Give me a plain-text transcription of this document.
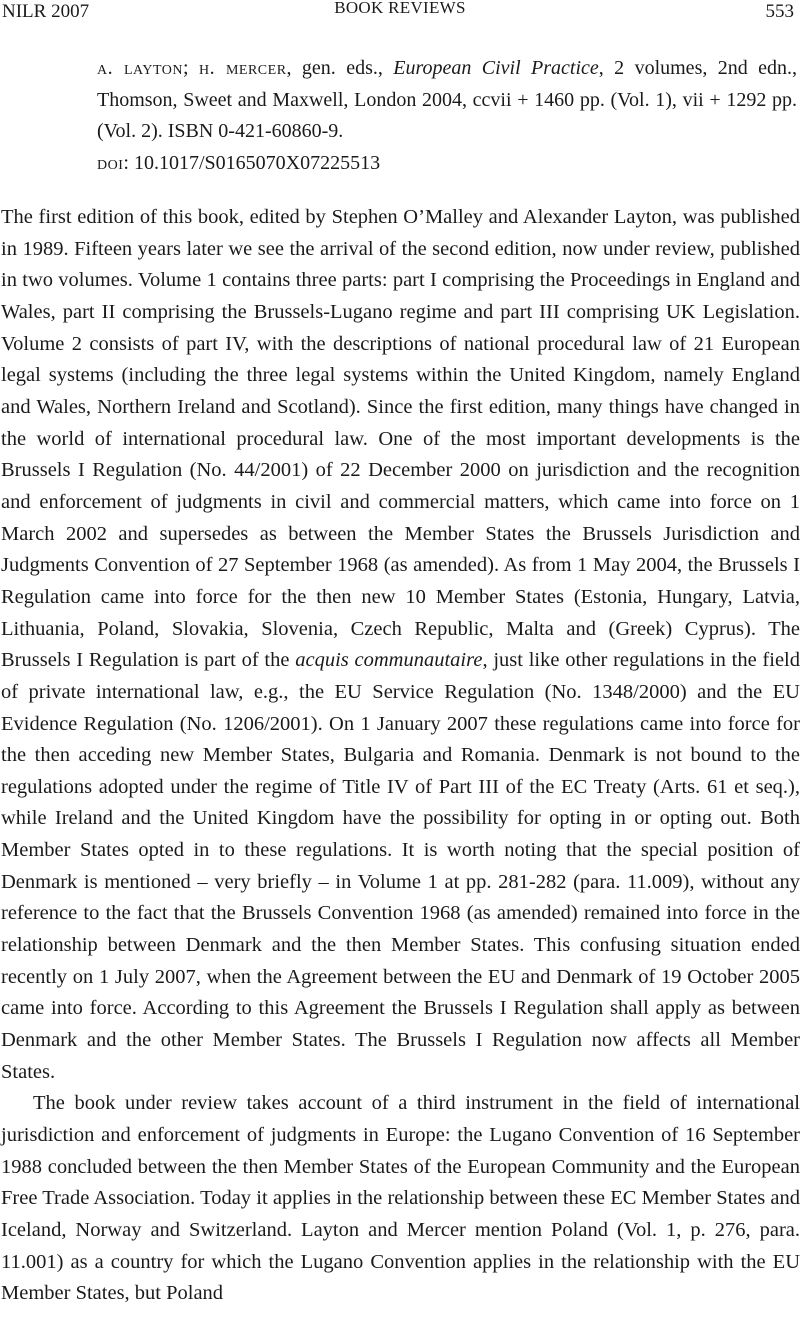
NILR 2007	BOOK REVIEWS	553
a. layton; h. mercer, gen. eds., European Civil Practice, 2 volumes, 2nd edn., Thomson, Sweet and Maxwell, London 2004, ccvii + 1460 pp. (Vol. 1), vii + 1292 pp. (Vol. 2). ISBN 0-421-60860-9.
doi: 10.1017/S0165070X07225513

The first edition of this book, edited by Stephen O’Malley and Alexander Layton, was published in 1989. Fifteen years later we see the arrival of the second edition, now under review, published in two volumes. Volume 1 contains three parts: part I comprising the Proceedings in England and Wales, part II comprising the Brussels-Lugano regime and part III comprising UK Legislation. Volume 2 consists of part IV, with the descriptions of national procedural law of 21 European legal systems (including the three legal systems within the United Kingdom, namely England and Wales, Northern Ireland and Scotland). Since the first edition, many things have changed in the world of international procedural law. One of the most important developments is the Brussels I Regulation (No. 44/2001) of 22 December 2000 on jurisdiction and the recognition and enforcement of judgments in civil and commercial matters, which came into force on 1 March 2002 and supersedes as between the Member States the Brussels Jurisdiction and Judgments Convention of 27 September 1968 (as amended). As from 1 May 2004, the Brussels I Regulation came into force for the then new 10 Member States (Estonia, Hungary, Latvia, Lithuania, Poland, Slovakia, Slovenia, Czech Republic, Malta and (Greek) Cyprus). The Brussels I Regulation is part of the acquis communautaire, just like other regulations in the field of private international law, e.g., the EU Service Regulation (No. 1348/2000) and the EU Evidence Regulation (No. 1206/2001). On 1 January 2007 these regulations came into force for the then acceding new Member States, Bulgaria and Romania. Denmark is not bound to the regulations adopted under the regime of Title IV of Part III of the EC Treaty (Arts. 61 et seq.), while Ireland and the United Kingdom have the possibility for opting in or opting out. Both Member States opted in to these regulations. It is worth noting that the special position of Denmark is mentioned – very briefly – in Volume 1 at pp. 281-282 (para. 11.009), without any reference to the fact that the Brussels Convention 1968 (as amended) remained into force in the relationship between Denmark and the then Member States. This confusing situation ended recently on 1 July 2007, when the Agreement between the EU and Denmark of 19 October 2005 came into force. According to this Agreement the Brussels I Regulation shall apply as between Denmark and the other Member States. The Brussels I Regulation now affects all Member States.

The book under review takes account of a third instrument in the field of international jurisdiction and enforcement of judgments in Europe: the Lugano Convention of 16 September 1988 concluded between the then Member States of the European Community and the European Free Trade Association. Today it applies in the relationship between these EC Member States and Iceland, Norway and Switzerland. Layton and Mercer mention Poland (Vol. 1, p. 276, para. 11.001) as a country for which the Lugano Convention applies in the relationship with the EU Member States, but Poland
